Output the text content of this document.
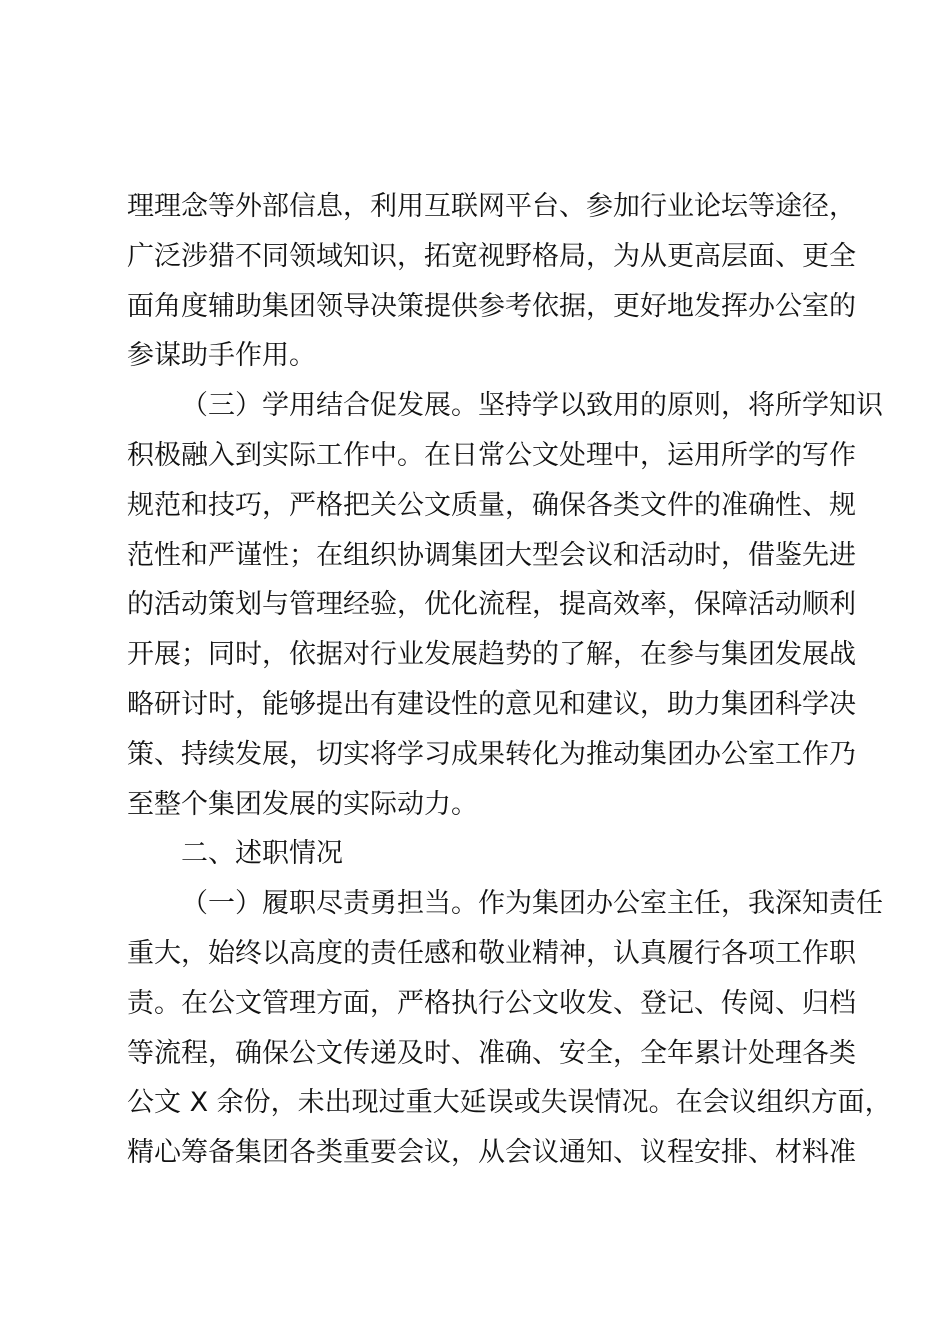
理理念等外部信息，利用互联网平台、参加行业论坛等途径，
广泛涉猎不同领域知识，拓宽视野格局，为从更高层面、更全
面角度辅助集团领导决策提供参考依据，更好地发挥办公室的
参谋助手作用。
（三）学用结合促发展。坚持学以致用的原则，将所学知识
积极融入到实际工作中。在日常公文处理中，运用所学的写作
规范和技巧，严格把关公文质量，确保各类文件的准确性、规
范性和严谨性；在组织协调集团大型会议和活动时，借鉴先进
的活动策划与管理经验，优化流程，提高效率，保障活动顺利
开展；同时，依据对行业发展趋势的了解，在参与集团发展战
略研讨时，能够提出有建设性的意见和建议，助力集团科学决
策、持续发展，切实将学习成果转化为推动集团办公室工作乃
至整个集团发展的实际动力。
二、述职情况
（一）履职尽责勇担当。作为集团办公室主任，我深知责任
重大，始终以高度的责任感和敬业精神，认真履行各项工作职
责。在公文管理方面，严格执行公文收发、登记、传阅、归档
等流程，确保公文传递及时、准确、安全，全年累计处理各类
公文 X 余份，未出现过重大延误或失误情况。在会议组织方面，
精心筹备集团各类重要会议，从会议通知、议程安排、材料准
